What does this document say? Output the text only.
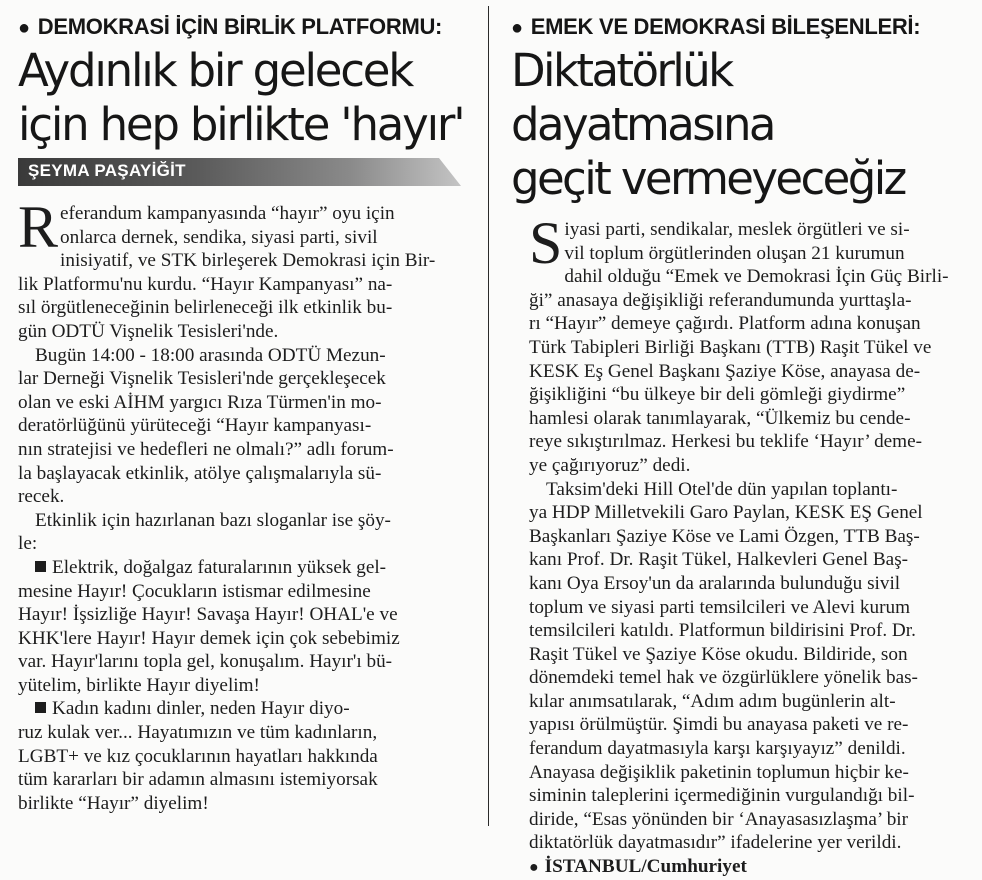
● DEMOKRASİ İÇİN BİRLİK PLATFORMU:
Aydınlık bir gelecek
için hep birlikte 'hayır'
ŞEYMA PAŞAYİĞİT
R eferandum kampanyasında “hayır” oyu için
onlarca dernek, sendika, siyasi parti, sivil
inisiyatif, ve STK birleşerek Demokrasi için Bir-
lik Platformu'nu kurdu. “Hayır Kampanyası” na-
sıl örgütleneceğinin belirleneceği ilk etkinlik bu-
gün ODTÜ Vişnelik Tesisleri'nde.
Bugün 14:00 - 18:00 arasında ODTÜ Mezun-
lar Derneği Vişnelik Tesisleri'nde gerçekleşecek
olan ve eski AİHM yargıcı Rıza Türmen'in mo-
deratörlüğünü yürüteceği “Hayır kampanyası-
nın stratejisi ve hedefleri ne olmalı?” adlı forum-
la başlayacak etkinlik, atölye çalışmalarıyla sü-
recek.
Etkinlik için hazırlanan bazı sloganlar ise şöy-
le:
Elektrik, doğalgaz faturalarının yüksek gel-
mesine Hayır! Çocukların istismar edilmesine
Hayır! İşsizliğe Hayır! Savaşa Hayır! OHAL'e ve
KHK'lere Hayır! Hayır demek için çok sebebimiz
var. Hayır'larını topla gel, konuşalım. Hayır'ı bü-
yütelim, birlikte Hayır diyelim!
Kadın kadını dinler, neden Hayır diyo-
ruz kulak ver... Hayatımızın ve tüm kadınların,
LGBT+ ve kız çocuklarının hayatları hakkında
tüm kararları bir adamın almasını istemiyorsak
birlikte “Hayır” diyelim!
● EMEK VE DEMOKRASİ BİLEŞENLERİ:
Diktatörlük dayatmasına
geçit vermeyeceğiz
S iyasi parti, sendikalar, meslek örgütleri ve si-
vil toplum örgütlerinden oluşan 21 kurumun
dahil olduğu “Emek ve Demokrasi İçin Güç Birli-
ği” anasaya değişikliği referandumunda yurttaşla-
rı “Hayır” demeye çağırdı. Platform adına konuşan
Türk Tabipleri Birliği Başkanı (TTB) Raşit Tükel ve
KESK Eş Genel Başkanı Şaziye Köse, anayasa de-
ğişikliğini “bu ülkeye bir deli gömleği giydirme”
hamlesi olarak tanımlayarak, “Ülkemiz bu cende-
reye sıkıştırılmaz. Herkesi bu teklife ‘Hayır’ deme-
ye çağırıyoruz” dedi.
Taksim'deki Hill Otel'de dün yapılan toplantı-
ya HDP Milletvekili Garo Paylan, KESK EŞ Genel
Başkanları Şaziye Köse ve Lami Özgen, TTB Baş-
kanı Prof. Dr. Raşit Tükel, Halkevleri Genel Baş-
kanı Oya Ersoy'un da aralarında bulunduğu sivil
toplum ve siyasi parti temsilcileri ve Alevi kurum
temsilcileri katıldı. Platformun bildirisini Prof. Dr.
Raşit Tükel ve Şaziye Köse okudu. Bildiride, son
dönemdeki temel hak ve özgürlüklere yönelik bas-
kılar anımsatılarak, “Adım adım bugünlerin alt-
yapısı örülmüştür. Şimdi bu anayasa paketi ve re-
ferandum dayatmasıyla karşı karşıyayız” denildi.
Anayasa değişiklik paketinin toplumun hiçbir ke-
siminin taleplerini içermediğinin vurgulandığı bil-
diride, “Esas yönünden bir ‘Anayasasızlaşma’ bir
diktatörlük dayatmasıdır” ifadelerine yer verildi.
● İSTANBUL/Cumhuriyet
